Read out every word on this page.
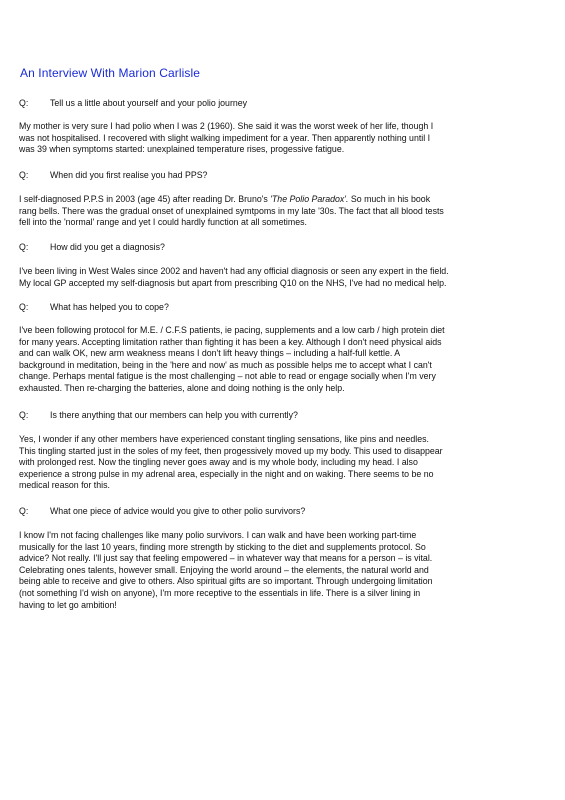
An Interview With Marion Carlisle
Q: Tell us a little about yourself and your polio journey

My mother is very sure I had polio when I was 2 (1960). She said it was the worst week of her life, though I

was not hospitalised. I recovered with slight walking impediment for a year. Then apparently nothing until I

was 39 when symptoms started: unexplained temperature rises, progessive fatigue.

Q: When did you first realise you had PPS?

I self-diagnosed P.P.S in 2003 (age 45) after reading Dr. Bruno's 'The Polio Paradox'. So much in his book

rang bells. There was the gradual onset of unexplained symtpoms in my late '30s. The fact that all blood tests

fell into the 'normal' range and yet I could hardly function at all sometimes.

Q: How did you get a diagnosis?

I've been living in West Wales since 2002 and haven't had any official diagnosis or seen any expert in the field.

My local GP accepted my self-diagnosis but apart from prescribing Q10 on the NHS, I've had no medical help.

Q: What has helped you to cope?

I've been following protocol for M.E. / C.F.S patients, ie pacing, supplements and a low carb / high protein diet

for many years. Accepting limitation rather than fighting it has been a key. Although I don't need physical aids

and can walk OK, new arm weakness means I don't lift heavy things – including a half-full kettle. A

background in meditation, being in the 'here and now' as much as possible helps me to accept what I can't

change. Perhaps mental fatigue is the most challenging – not able to read or engage socially when I'm very

exhausted. Then re-charging the batteries, alone and doing nothing is the only help.

Q: Is there anything that our members can help you with currently?

Yes, I wonder if any other members have experienced constant tingling sensations, like pins and needles.

This tingling started just in the soles of my feet, then progessively moved up my body. This used to disappear

with prolonged rest. Now the tingling never goes away and is my whole body, including my head. I also

experience a strong pulse in my adrenal area, especially in the night and on waking. There seems to be no

medical reason for this.

Q: What one piece of advice would you give to other polio survivors?

I know I'm not facing challenges like many polio survivors. I can walk and have been working part-time

musically for the last 10 years, finding more strength by sticking to the diet and supplements protocol. So

advice? Not really. I'll just say that feeling empowered – in whatever way that means for a person – is vital.

Celebrating ones talents, however small. Enjoying the world around – the elements, the natural world and

being able to receive and give to others. Also spiritual gifts are so important. Through undergoing limitation

(not something I'd wish on anyone), I'm more receptive to the essentials in life. There is a silver lining in

having to let go ambition!
